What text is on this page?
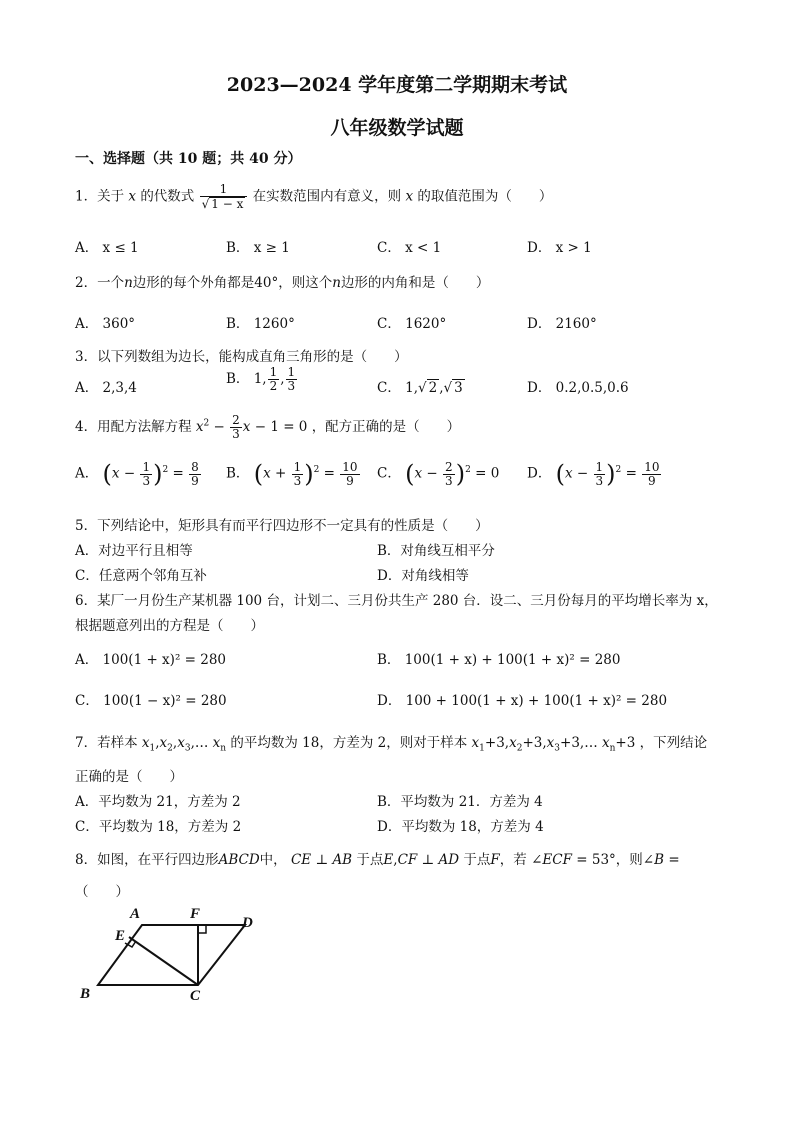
2023—2024 学年度第二学期期末考试
八年级数学试题
一、选择题（共 10 题；共 40 分）
1．关于 x 的代数式 $\frac{1}{√ 1 - x}$ 在实数范围内有意义，则 x 的取值范围为（　　）
A． x ≤ 1	B． x ≥ 1	C． x < 1	D． x > 1
2．一个n边形的每个外角都是40°，则这个n边形的内角和是（　　）
A． 360°	B． 1260°	C． 1620°	D． 2160°
3．以下列数组为边长，能构成直角三角形的是（　　）
A． 2,3,4
B． 1, $\frac{1}{2}$ , $\frac{1}{3}$	C． 1,√ 2 ,√ 3	D． 0.2,0.5,0.6
4．用配方法解方程 $x^2 - \frac{2}{3}$ x − 1 = 0 ，配方正确的是（　　）
A． $(x - \frac{1}{3} )^2 = \frac{8}{9}$ B． $(x + \frac{1}{3} )^2 = \frac{10}{9}$ C． $(x - \frac{2}{3} )^2 = 0$ D． $(x - \frac{1}{3} )^2 = \frac{10}{9}$
5．下列结论中，矩形具有而平行四边形不一定具有的性质是（　　）
A．对边平行且相等	B．对角线互相平分
C．任意两个邻角互补	D．对角线相等
6．某厂一月份生产某机器 100 台，计划二、三月份共生产 280 台．设二、三月份每月的平均增长率为 x，
根据题意列出的方程是（　　）
A． 100(1 + x)² = 280	B． 100(1 + x) + 100(1 + x)² = 280
C． 100(1 − x)² = 280	D． 100 + 100(1 + x) + 100(1 + x)² = 280
7．若样本 $x_1,x_2,x_3,\dots$ $x_n$ 的平均数为 18，方差为 2，则对于样本 $x_1+3,x_2+3,x_3+3,\dots$ $x_n+3$ ，下列结论
正确的是（　　）
A．平均数为 21，方差为 2	B．平均数为 21．方差为 4
C．平均数为 18，方差为 2	D．平均数为 18，方差为 4
8．如图，在平行四边形ABCD中， CE ⊥ AB 于点E,CF ⊥ AD 于点F，若 ∠ECF = 53°，则∠B =
（　　）
A	F
D
E
B	C
